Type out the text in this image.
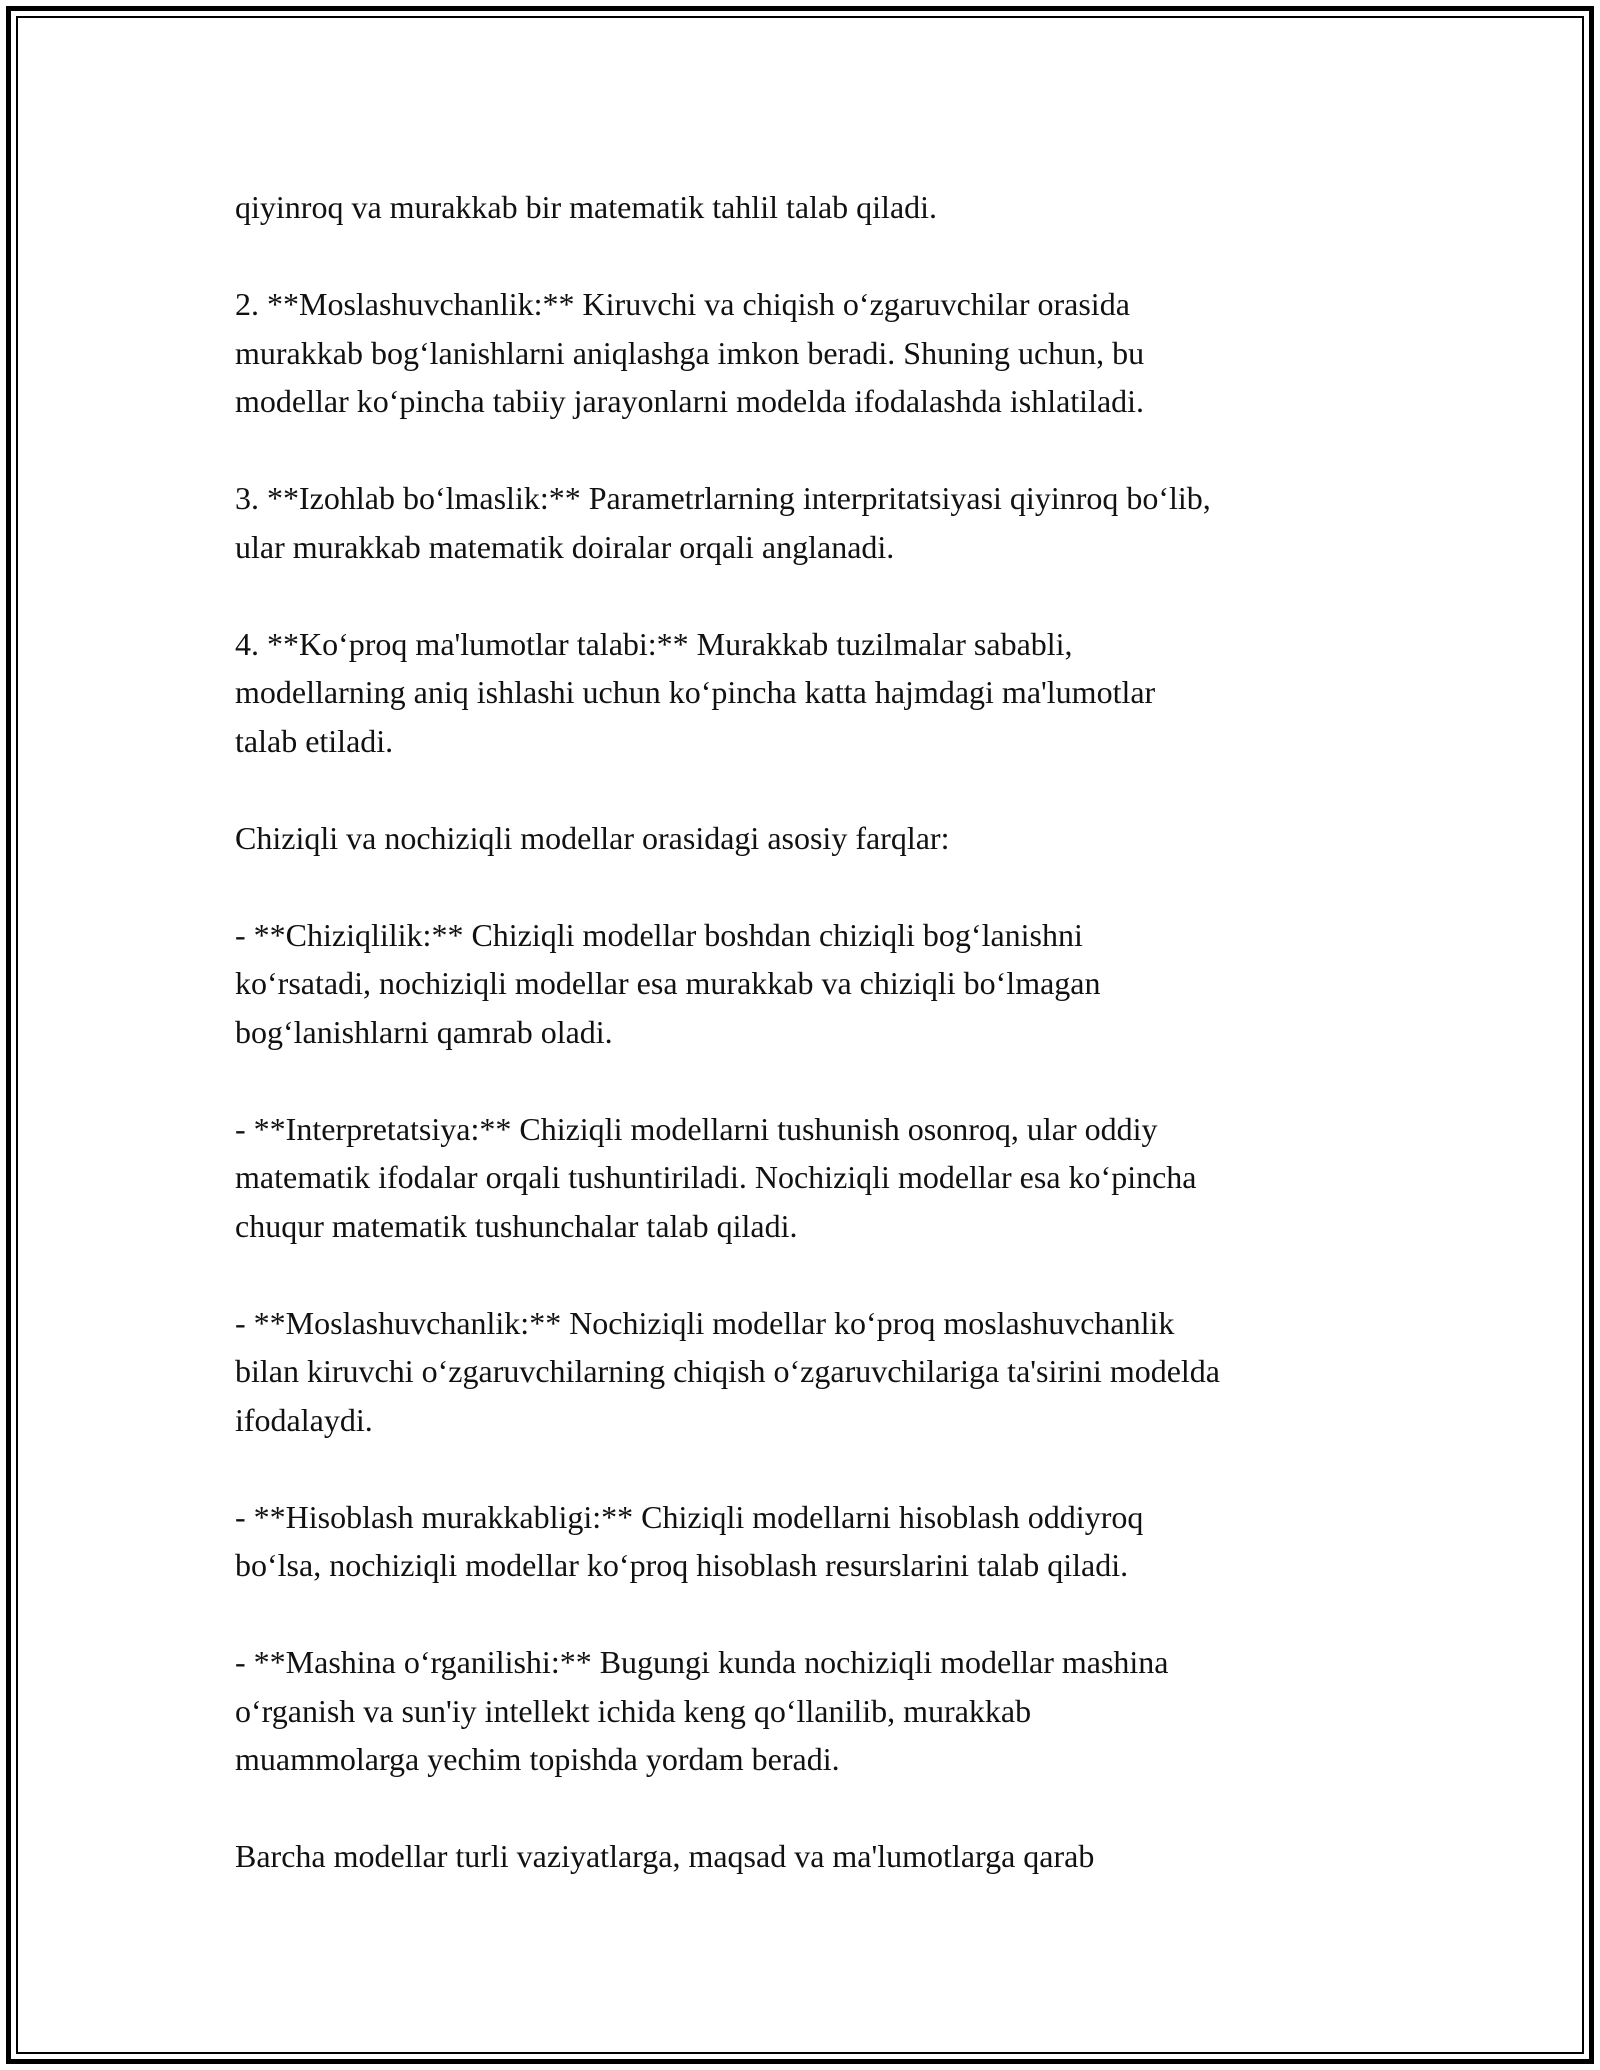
qiyinroq va murakkab bir matematik tahlil talab qiladi.

2. **Moslashuvchanlik:** Kiruvchi va chiqish o‘zgaruvchilar orasida
murakkab bog‘lanishlarni aniqlashga imkon beradi. Shuning uchun, bu
modellar ko‘pincha tabiiy jarayonlarni modelda ifodalashda ishlatiladi.

3. **Izohlab bo‘lmaslik:** Parametrlarning interpritatsiyasi qiyinroq bo‘lib,
ular murakkab matematik doiralar orqali anglanadi.

4. **Ko‘proq ma'lumotlar talabi:** Murakkab tuzilmalar sababli,
modellarning aniq ishlashi uchun ko‘pincha katta hajmdagi ma'lumotlar
talab etiladi.

Chiziqli va nochiziqli modellar orasidagi asosiy farqlar:

- **Chiziqlilik:** Chiziqli modellar boshdan chiziqli bog‘lanishni
ko‘rsatadi, nochiziqli modellar esa murakkab va chiziqli bo‘lmagan
bog‘lanishlarni qamrab oladi.

- **Interpretatsiya:** Chiziqli modellarni tushunish osonroq, ular oddiy
matematik ifodalar orqali tushuntiriladi. Nochiziqli modellar esa ko‘pincha
chuqur matematik tushunchalar talab qiladi.

- **Moslashuvchanlik:** Nochiziqli modellar ko‘proq moslashuvchanlik
bilan kiruvchi o‘zgaruvchilarning chiqish o‘zgaruvchilariga ta'sirini modelda
ifodalaydi.

- **Hisoblash murakkabligi:** Chiziqli modellarni hisoblash oddiyroq
bo‘lsa, nochiziqli modellar ko‘proq hisoblash resurslarini talab qiladi.

- **Mashina o‘rganilishi:** Bugungi kunda nochiziqli modellar mashina
o‘rganish va sun'iy intellekt ichida keng qo‘llanilib, murakkab
muammolarga yechim topishda yordam beradi.

Barcha modellar turli vaziyatlarga, maqsad va ma'lumotlarga qarab
